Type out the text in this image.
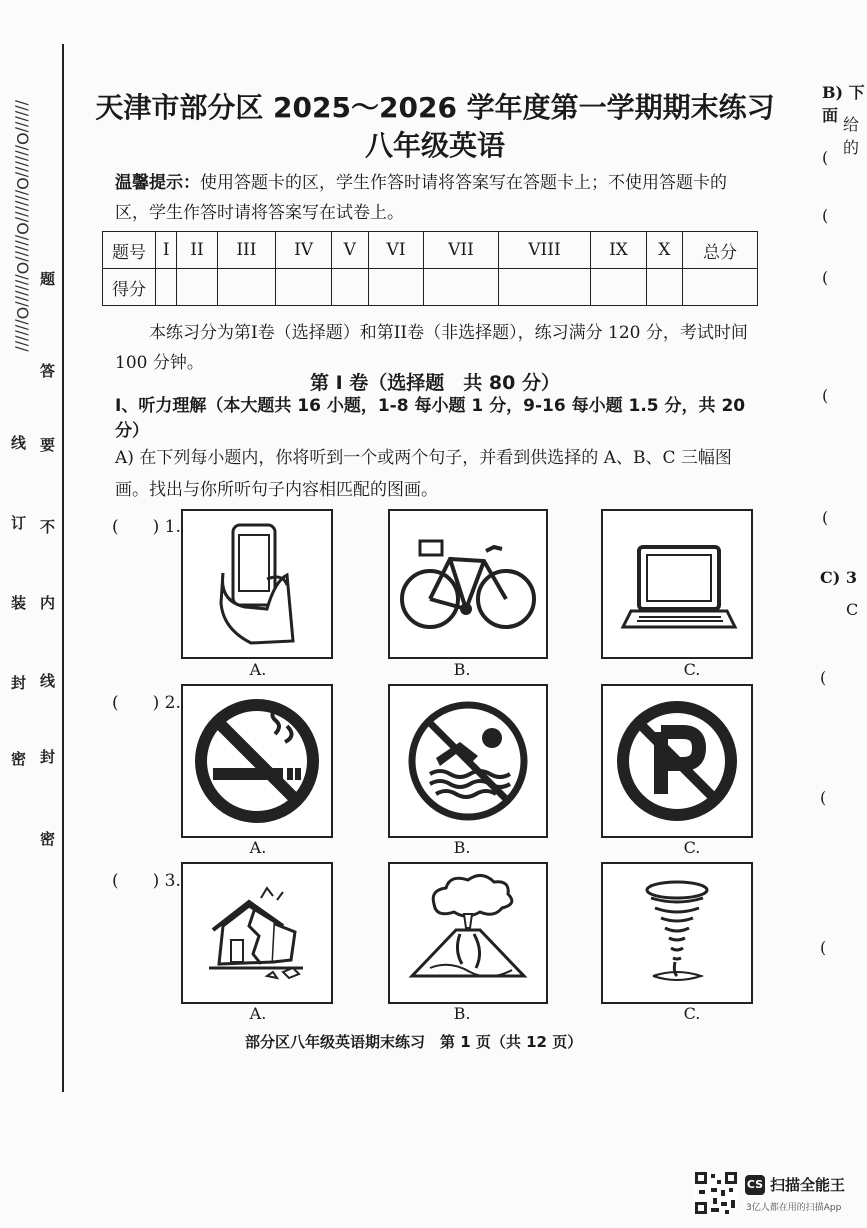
//////O//////O//////O/////O//////O////// 题
答
要
不
内
线
封
密
线
订
装
封
密
天津市部分区 2025～2026 学年度第一学期期末练习
八年级英语
温馨提示：使用答题卡的区，学生作答时请将答案写在答题卡上；不使用答题卡的区，学生作答时请将答案写在试卷上。
题号	I	II	III	IV	V	VI	VII	VIII	IX	X	总分
得分											
本练习分为第I卷（选择题）和第II卷（非选择题），练习满分 120 分，考试时间 100 分钟。
第 I 卷（选择题　共 80 分）
I、听力理解（本大题共 16 小题，1-8 每小题 1 分，9-16 每小题 1.5 分，共 20 分）
A) 在下列每小题内，你将听到一个或两个句子，并看到供选择的 A、B、C 三幅图画。找出与你所听句子内容相匹配的图画。
(　　) 1.
A.	B.	C.
(　　) 2.
A.	B.	C.
(　　) 3.
A.	B.	C.
部分区八年级英语期末练习　第 1 页（共 12 页）
B) 下面 给的
(
(
(
(
(
C) 3
C
(
(
(
CS 扫描全能王
3亿人都在用的扫描App
